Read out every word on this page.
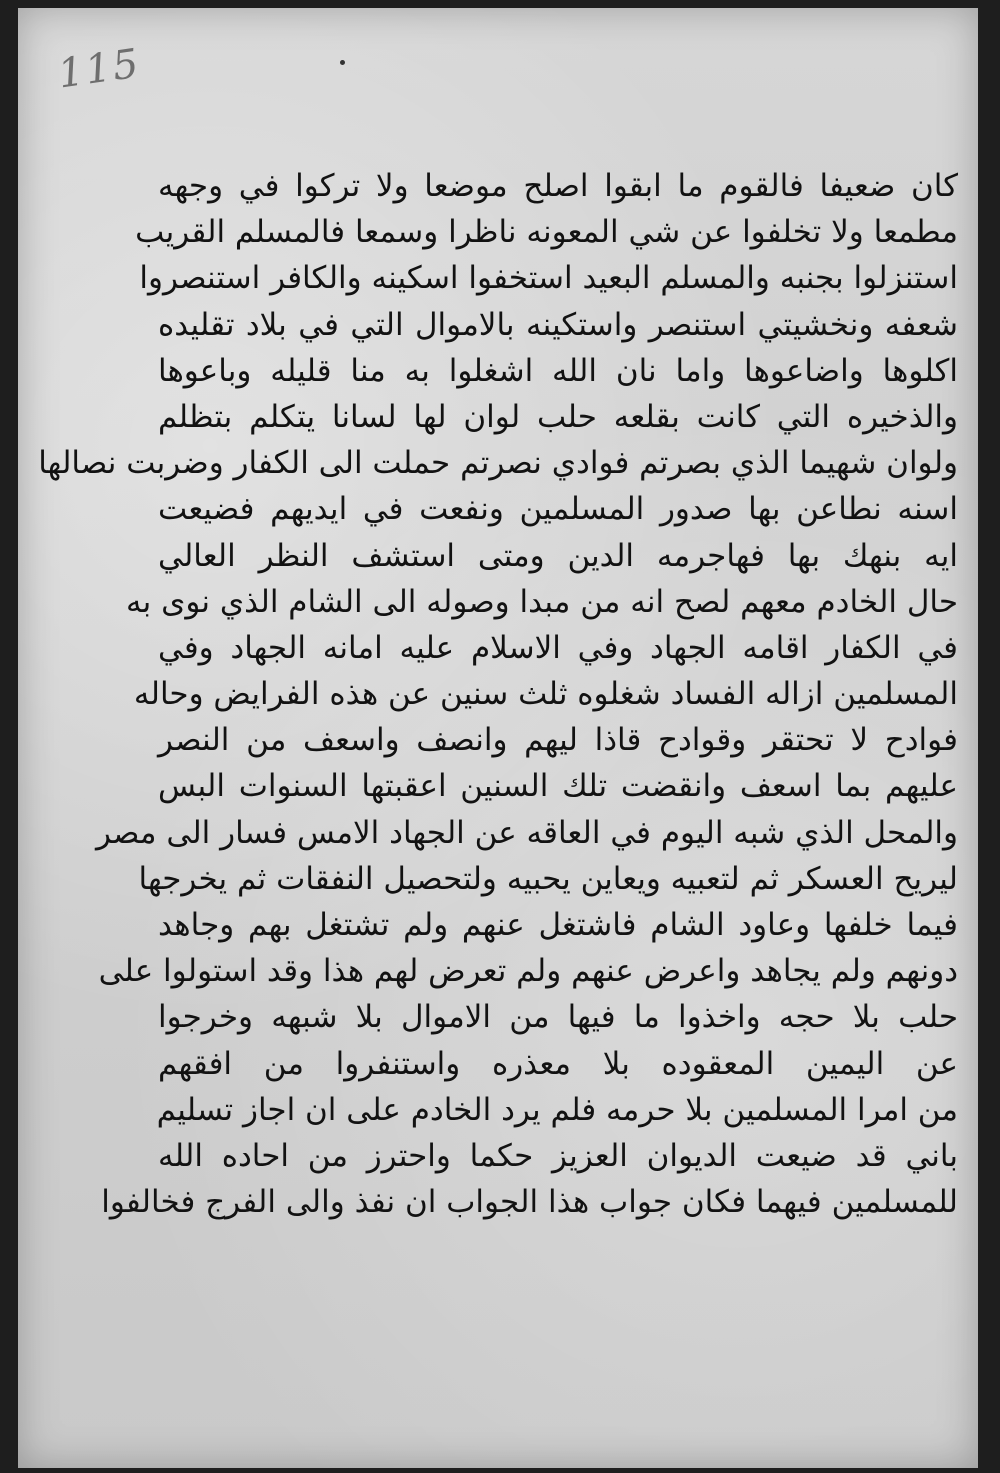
115
كان ضعيفا فالقوم ما ابقوا اصلح موضعا ولا تركوا في وجهه
مطمعا ولا تخلفوا عن شي المعونه ناظرا وسمعا فالمسلم القريب
استنزلوا بجنبه والمسلم البعيد استخفوا اسكينه والكافر استنصروا
شعفه ونخشيتي استنصر واستكينه بالاموال التي في بلاد تقليده
اكلوها واضاعوها واما نان الله اشغلوا به منا قليله وباعوها
والذخيره التي كانت بقلعه حلب لوان لها لسانا يتكلم بتظلم
ولوان شهيما الذي بصرتم فوادي نصرتم حملت الى الكفار وضربت نصالها
اسنه نطاعن بها صدور المسلمين ونفعت في ايديهم فضيعت
ايه بنهك بها فهاجرمه الدين ومتى استشف النظر العالي
حال الخادم معهم لصح انه من مبدا وصوله الى الشام الذي نوى به
في الكفار اقامه الجهاد وفي الاسلام عليه امانه الجهاد وفي
المسلمين ازاله الفساد شغلوه ثلث سنين عن هذه الفرايض وحاله
فوادح لا تحتقر وقوادح قاذا ليهم وانصف واسعف من النصر
عليهم بما اسعف وانقضت تلك السنين اعقبتها السنوات البس
والمحل الذي شبه اليوم في العاقه عن الجهاد الامس فسار الى مصر
ليريح العسكر ثم لتعبيه ويعاين يحبيه ولتحصيل النفقات ثم يخرجها
فيما خلفها وعاود الشام فاشتغل عنهم ولم تشتغل بهم وجاهد
دونهم ولم يجاهد واعرض عنهم ولم تعرض لهم هذا وقد استولوا على
حلب بلا حجه واخذوا ما فيها من الاموال بلا شبهه وخرجوا
عن اليمين المعقوده بلا معذره واستنفروا من افقهم
من امرا المسلمين بلا حرمه فلم يرد الخادم على ان اجاز تسليم
باني قد ضيعت الديوان العزيز حكما واحترز من احاده الله
للمسلمين فيهما فكان جواب هذا الجواب ان نفذ والى الفرج فخالفوا
